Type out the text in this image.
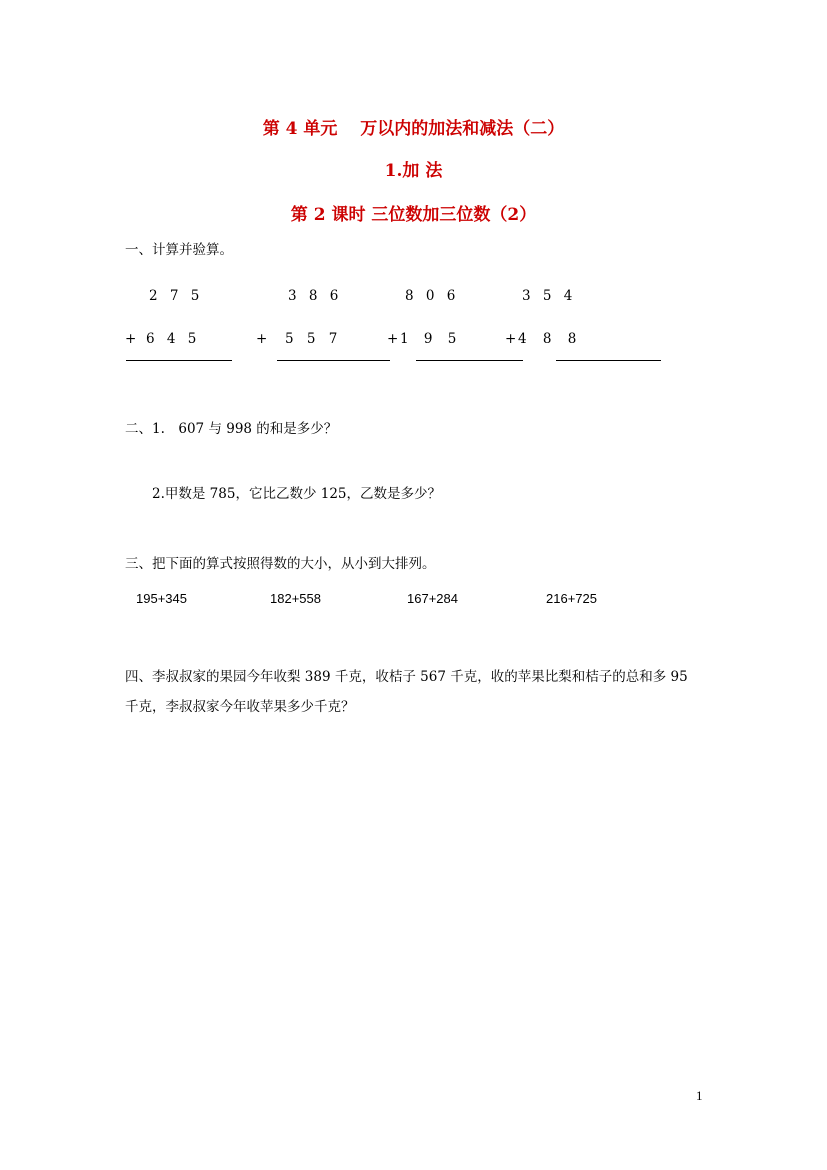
第 4 单元　 万以内的加法和减法（二）
1.加 法
第 2 课时 三位数加三位数（2）
一、计算并验算。
2 7 5	3 8 6	8 0 6	3 5 4
+ 6 4 5	+ 5 5 7	+ 1 9 5	+ 4 8 8
二、1.　607 与 998 的和是多少？
2.甲数是 785，它比乙数少 125，乙数是多少？
三、把下面的算式按照得数的大小，从小到大排列。
195+345	182+558	167+284	216+725
四、李叔叔家的果园今年收梨 389 千克，收桔子 567 千克，收的苹果比梨和桔子的总和多 95
千克，李叔叔家今年收苹果多少千克？
1
